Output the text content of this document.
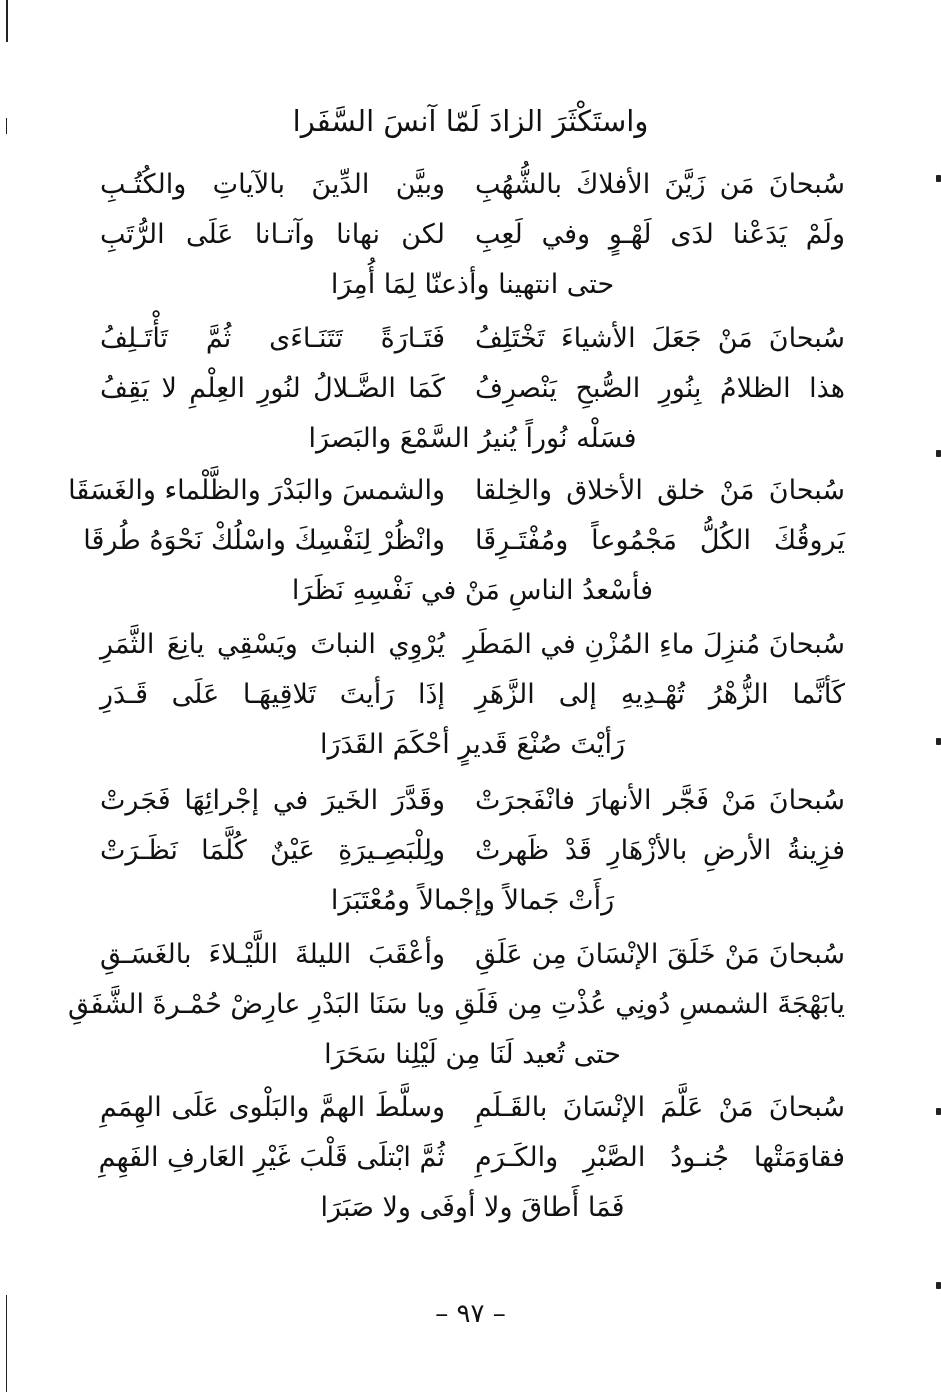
واستَكْثَرَ الزادَ لَمّا آنسَ السَّفَرا
سُبحانَ مَن زَيَّنَ الأفلاكَ بالشُّهُبِ
وبيَّن الدِّينَ بالآياتِ والكُتُـبِ
ولَمْ يَدَعْنا لدَى لَهْـوٍ وفي لَعِبِ
لكن نهانا وآتـانا عَلَى الرُّتَبِ
حتى انتهينا وأذعنّا لِمَا أُمِرَا
سُبحانَ مَنْ جَعَلَ الأشياءَ تَخْتَلِفُ
فَتَـارَةً تَتَنَـاءَى ثُمَّ تَأْتَـلِفُ
هذا الظلامُ بِنُورِ الصُّبحِ يَنْصرِفُ
كَمَا الضَّـلالُ لنُورِ العِلْمِ لا يَقِفُ
فسَلْه نُوراً يُنيرُ السَّمْعَ والبَصرَا
سُبحانَ مَنْ خلق الأخلاق والخِلقا
والشمسَ والبَدْرَ والظَّلْماء والغَسَقَا
يَروقُكَ الكُلُّ مَجْمُوعاً ومُفْتَـرِقَا
وانْظُرْ لِنَفْسِكَ واسْلُكْ نَحْوَهُ طُرقَا
فأسْعدُ الناسِ مَنْ في نَفْسِهِ نَظَرَا
سُبحانَ مُنزِلَ ماءِ المُزْنِ في المَطَرِ
يُرْوِي النباتَ ويَسْقِي يانِعَ الثَّمَرِ
كَأنَّما الزُّهْرُ تُهْـدِيهِ إلى الزَّهَرِ
إذَا رَأيتَ تَلاقِيهَـا عَلَى قَـدَرِ
رَأيْتَ صُنْعَ قَديرٍ أحْكَمَ القَدَرَا
سُبحانَ مَنْ فَجَّر الأنهارَ فانْفَجرَتْ
وقَدَّرَ الخَيرَ في إجْرائِهَا فَجَرتْ
فزِينةُ الأرضِ بالأزْهَارِ قَدْ ظَهرتْ
ولِلْبَصِـيرَةِ عَيْنٌ كُلَّمَا نَظَـرَتْ
رَأَتْ جَمالاً وإجْمالاً ومُعْتَبَرَا
سُبحانَ مَنْ خَلَقَ الإنْسَانَ مِن عَلَقِ
وأعْقَبَ الليلةَ اللَّيْـلاءَ بالغَسَـقِ
يابَهْجَةَ الشمسِ دُونِي عُذْتِ مِن فَلَقِ
ويا سَنَا البَدْرِ عارِضْ حُمْـرةَ الشَّفَقِ
حتى تُعيد لَنَا مِن لَيْلِنا سَحَرَا
سُبحانَ مَنْ عَلَّمَ الإنْسَانَ بالقَـلَمِ
وسلَّطَ الهمَّ والبَلْوى عَلَى الهِمَمِ
فقاوَمَتْها جُنـودُ الصَّبْرِ والكَـرَمِ
ثُمَّ ابْتلَى قَلْبَ غَيْرِ العَارفِ الفَهِمِ
فَمَا أَطاقَ ولا أوفَى ولا صَبَرَا
– ٩٧ –
